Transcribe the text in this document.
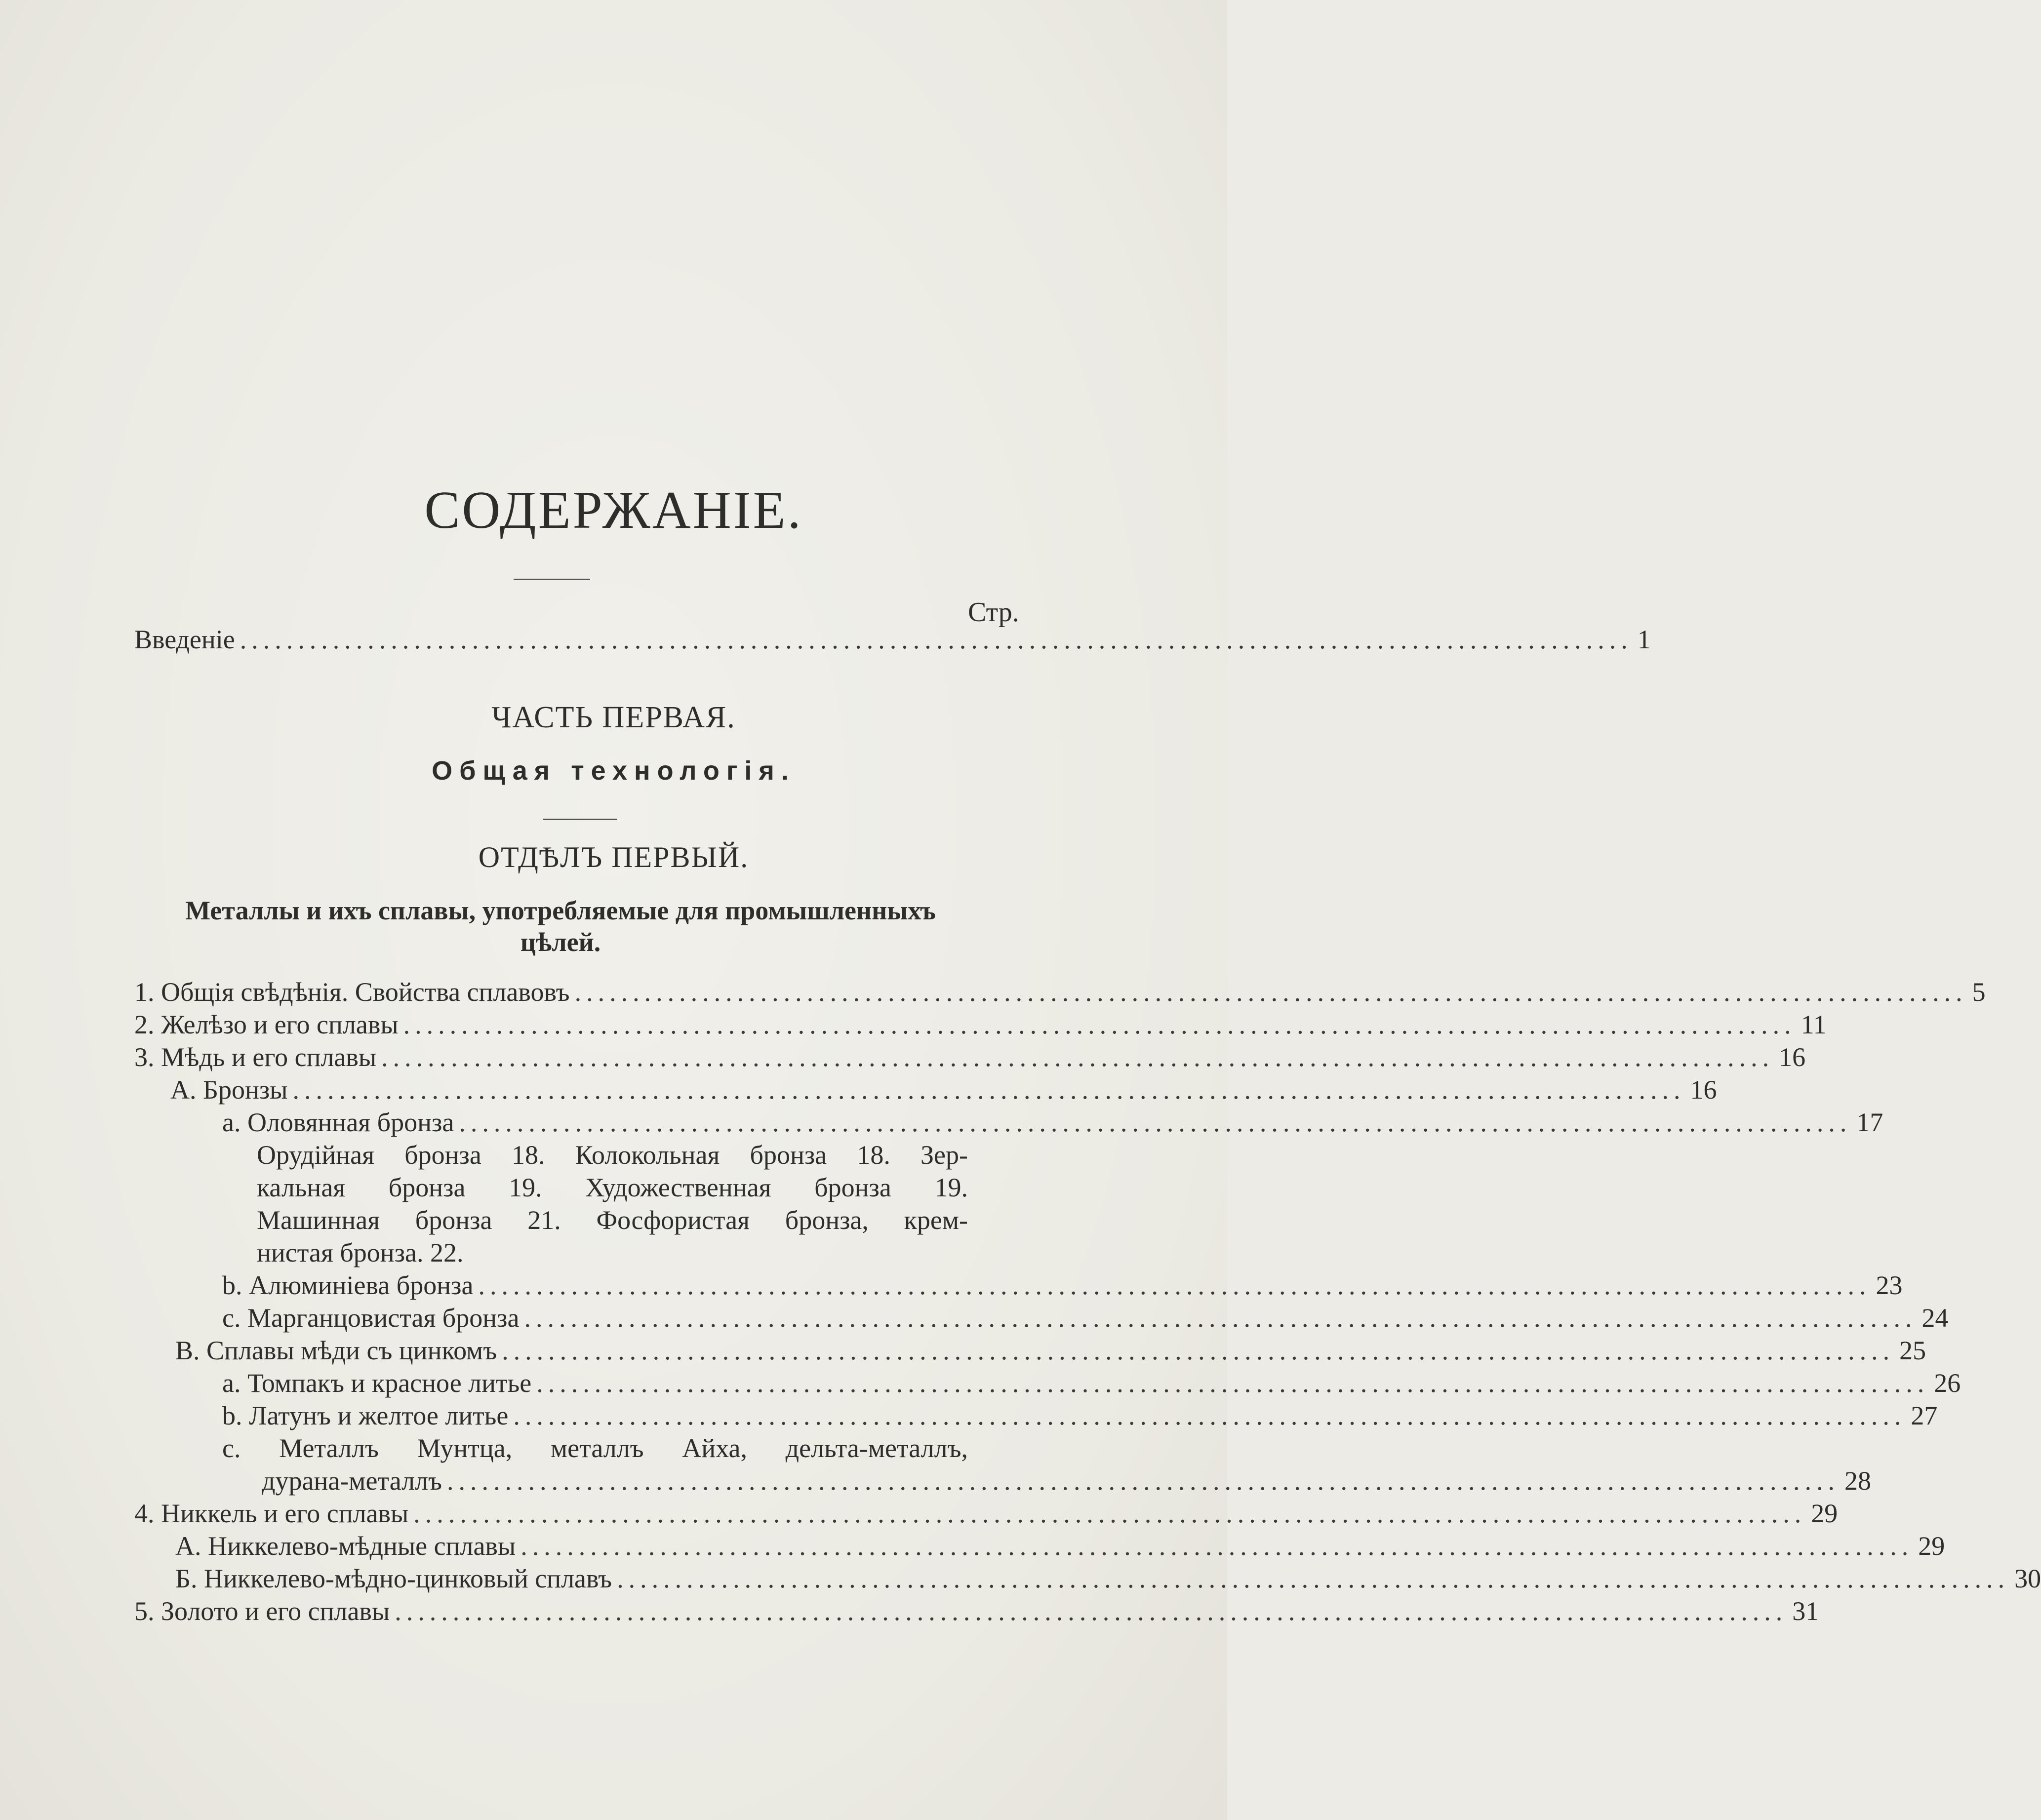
СОДЕРЖАНІЕ.
Стр.
Введеніе ........................................................................................................................ 1
ЧАСТЬ ПЕРВАЯ.
Общая технологія.
ОТДѢЛЪ ПЕРВЫЙ.
Металлы и ихъ сплавы, употребляемые для промышленныхъ
цѣлей.
1. Общія свѣдѣнія. Свойства сплавовъ ........................................................................................................................ 5
2. Желѣзо и его сплавы ........................................................................................................................ 11
3. Мѣдь и его сплавы ........................................................................................................................ 16
А. Бронзы ........................................................................................................................ 16
a. Оловянная бронза ........................................................................................................................ 17
Орудійная бронза 18. Колокольная бронза 18. Зер-
кальная бронза 19. Художественная бронза 19.
Машинная бронза 21. Фосфористая бронза, крем-
нистая бронза. 22.
b. Алюминіева бронза ........................................................................................................................ 23
c. Марганцовистая бронза ........................................................................................................................ 24
B. Сплавы мѣди съ цинкомъ ........................................................................................................................ 25
a. Томпакъ и красное литье ........................................................................................................................ 26
b. Латунъ и желтое литье ........................................................................................................................ 27
c. Металлъ Мунтца, металлъ Айха, дельта-металлъ,
дурана-металлъ ........................................................................................................................ 28
4. Никкель и его сплавы ........................................................................................................................ 29
А. Никкелево-мѣдные сплавы ........................................................................................................................ 29
Б. Никкелево-мѣдно-цинковый сплавъ ........................................................................................................................ 30
5. Золото и его сплавы ........................................................................................................................ 31
